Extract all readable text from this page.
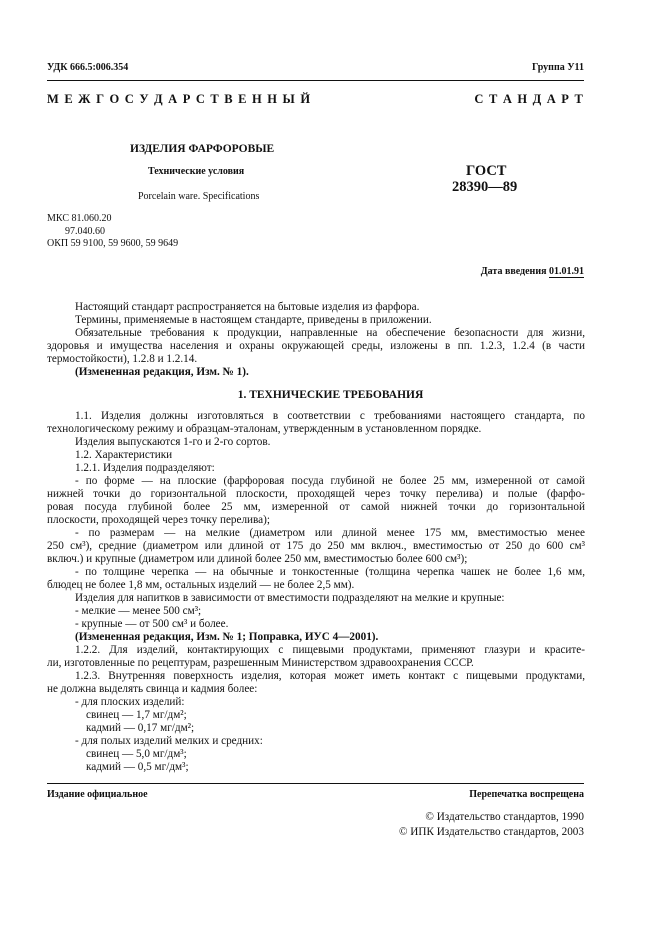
УДК 666.5:006.354	Группа У11
М Е Ж Г О С У Д А Р С Т В Е Н Н Ы Й	С Т А Н Д А Р Т
ИЗДЕЛИЯ ФАРФОРОВЫЕ
Технические условия
Porcelain ware. Specifications
ГОСТ
28390—89
МКС 81.060.20
97.040.60
ОКП 59 9100, 59 9600, 59 9649
Дата введения 01.01.91
Настоящий стандарт распространяется на бытовые изделия из фарфора.
Термины, применяемые в настоящем стандарте, приведены в приложении.
Обязательные требования к продукции, направленные на обеспечение безопасности для жизни,
здоровья и имущества населения и охраны окружающей среды, изложены в пп. 1.2.3, 1.2.4 (в части
термостойкости), 1.2.8 и 1.2.14.
(Измененная редакция, Изм. № 1).
1. ТЕХНИЧЕСКИЕ ТРЕБОВАНИЯ
1.1. Изделия должны изготовляться в соответствии с требованиями настоящего стандарта, по
технологическому режиму и образцам-эталонам, утвержденным в установленном порядке.
Изделия выпускаются 1-го и 2-го сортов.
1.2. Характеристики
1.2.1. Изделия подразделяют:
- по форме — на плоские (фарфоровая посуда глубиной не более 25 мм, измеренной от самой
нижней точки до горизонтальной плоскости, проходящей через точку перелива) и полые (фарфо-
ровая посуда глубиной более 25 мм, измеренной от самой нижней точки до горизонтальной
плоскости, проходящей через точку перелива);
- по размерам — на мелкие (диаметром или длиной менее 175 мм, вместимостью менее
250 см³), средние (диаметром или длиной от 175 до 250 мм включ., вместимостью от 250 до 600 см³
включ.) и крупные (диаметром или длиной более 250 мм, вместимостью более 600 см³);
- по толщине черепка — на обычные и тонкостенные (толщина черепка чашек не более 1,6 мм,
блюдец не более 1,8 мм, остальных изделий — не более 2,5 мм).
Изделия для напитков в зависимости от вместимости подразделяют на мелкие и крупные:
- мелкие — менее 500 см³;
- крупные — от 500 см³ и более.
(Измененная редакция, Изм. № 1; Поправка, ИУС 4—2001).
1.2.2. Для изделий, контактирующих с пищевыми продуктами, применяют глазури и красите-
ли, изготовленные по рецептурам, разрешенным Министерством здравоохранения СССР.
1.2.3. Внутренняя поверхность изделия, которая может иметь контакт с пищевыми продуктами,
не должна выделять свинца и кадмия более:
- для плоских изделий:
свинец — 1,7 мг/дм²;
кадмий — 0,17 мг/дм²;
- для полых изделий мелких и средних:
свинец — 5,0 мг/дм³;
кадмий — 0,5 мг/дм³;
Издание официальное	Перепечатка воспрещена
© Издательство стандартов, 1990
© ИПК Издательство стандартов, 2003
